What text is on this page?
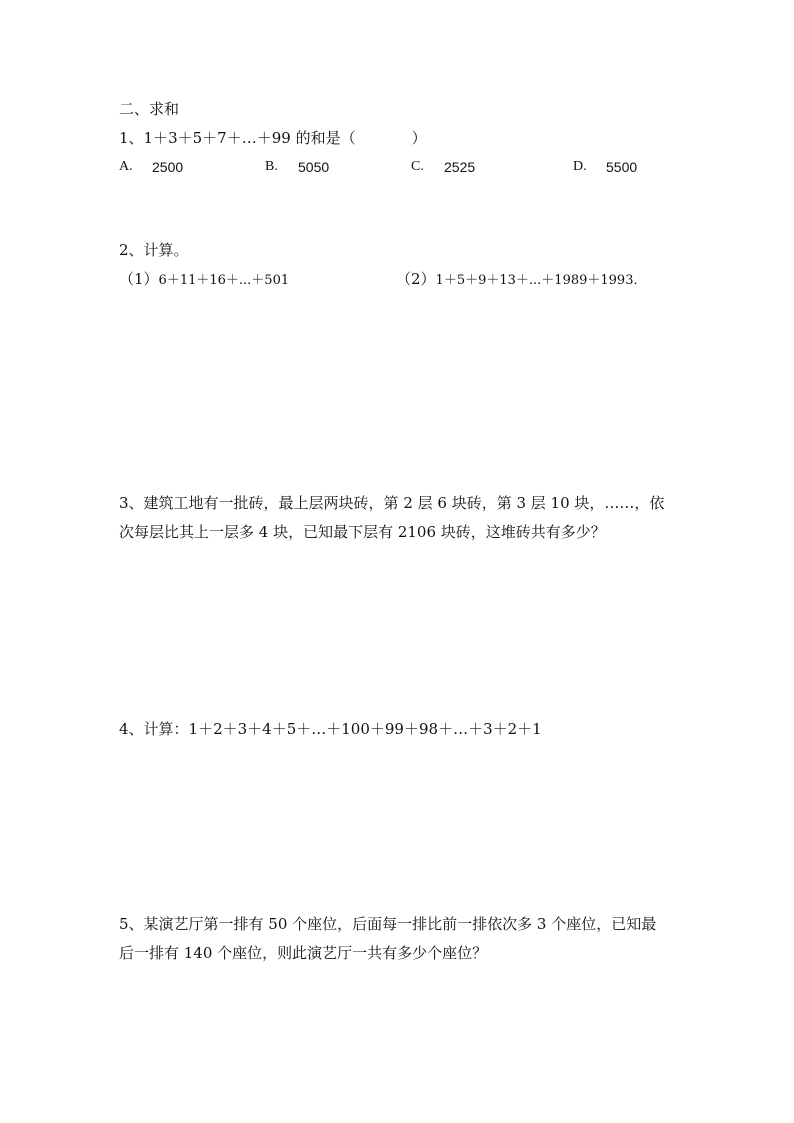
二、求和
1、1＋3＋5＋7＋…＋99 的和是（	）
A. 2500	B. 5050	C. 2525	D. 5500
2、计算。
（1）6＋11＋16＋...＋501	（2）1＋5＋9＋13＋...＋1989＋1993．
3、建筑工地有一批砖，最上层两块砖，第 2 层 6 块砖，第 3 层 10 块，……，依
次每层比其上一层多 4 块，已知最下层有 2106 块砖，这堆砖共有多少？
4、计算：1＋2＋3＋4＋5＋…＋100＋99＋98＋…＋3＋2＋1
5、某演艺厅第一排有 50 个座位，后面每一排比前一排依次多 3 个座位，已知最
后一排有 140 个座位，则此演艺厅一共有多少个座位？
